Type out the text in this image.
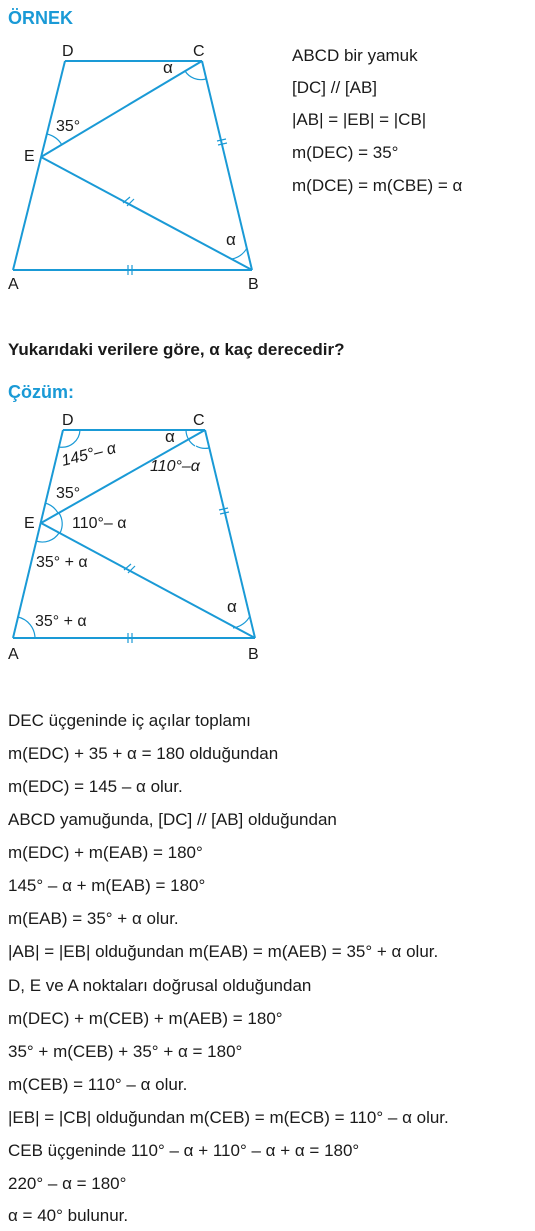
ÖRNEK
D	C
E
A	B
35°
α
α
ABCD bir yamuk
[DC] // [AB]
|AB| = |EB| = |CB|
m(DEC) = 35°
m(DCE) = m(CBE) = α
Yukarıdaki verilere göre, α kaç derecedir?
Çözüm:
D	C
E
A	B
145°– α
α
110°–α
35°
110°– α
35° + α
35° + α
α
DEC üçgeninde iç açılar toplamı
m(EDC) + 35 + α = 180 olduğundan
m(EDC) = 145 – α olur.
ABCD yamuğunda, [DC] // [AB] olduğundan
m(EDC) + m(EAB) = 180°
145° – α + m(EAB) = 180°
m(EAB) = 35° + α olur.
|AB| = |EB| olduğundan m(EAB) = m(AEB) = 35° + α olur.
D, E ve A noktaları doğrusal olduğundan
m(DEC) + m(CEB) + m(AEB) = 180°
35° + m(CEB) + 35° + α = 180°
m(CEB) = 110° – α olur.
|EB| = |CB| olduğundan m(CEB) = m(ECB) = 110° – α olur.
CEB üçgeninde 110° – α + 110° – α + α = 180°
220° – α = 180°
α = 40° bulunur.
